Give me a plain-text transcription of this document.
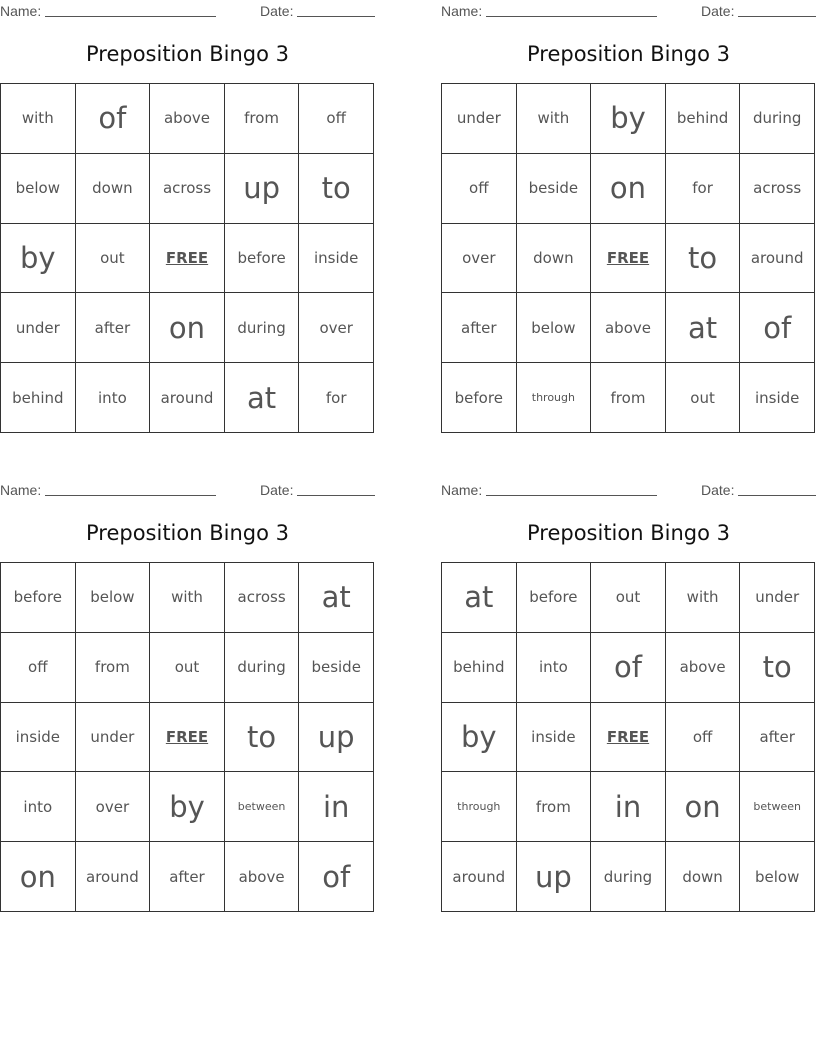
Name:	Date:
Preposition Bingo 3
with	of	above	from	off
below	down	across	up	to
by	out	FREE	before	inside
under	after	on	during	over
behind	into	around	at	for
Name:	Date:
Preposition Bingo 3
under	with	by	behind	during
off	beside	on	for	across
over	down	FREE	to	around
after	below	above	at	of
before	through	from	out	inside
Name:	Date:
Preposition Bingo 3
before	below	with	across	at
off	from	out	during	beside
inside	under	FREE	to	up
into	over	by	between	in
on	around	after	above	of
Name:	Date:
Preposition Bingo 3
at	before	out	with	under
behind	into	of	above	to
by	inside	FREE	off	after
through	from	in	on	between
around	up	during	down	below
